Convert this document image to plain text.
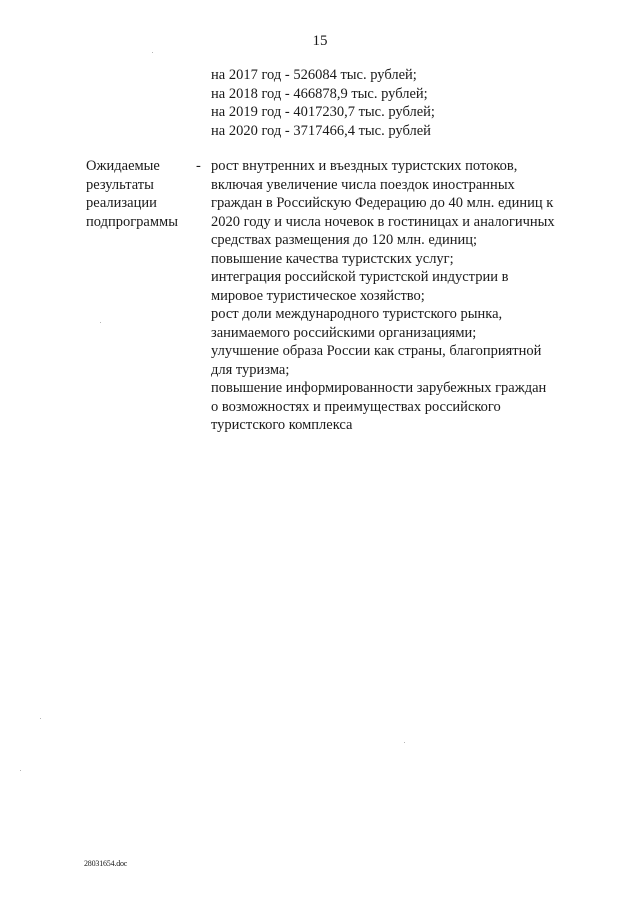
15
на 2017 год - 526084 тыс. рублей;
на 2018 год - 466878,9 тыс. рублей;
на 2019 год - 4017230,7 тыс. рублей;
на 2020 год - 3717466,4 тыс. рублей
Ожидаемые
результаты
реализации
подпрограммы
- рост внутренних и въездных туристских потоков,
включая увеличение числа поездок иностранных
граждан в Российскую Федерацию до 40 млн. единиц к
2020 году и числа ночевок в гостиницах и аналогичных
средствах размещения до 120 млн. единиц;
повышение качества туристских услуг;
интеграция российской туристской индустрии в
мировое туристическое хозяйство;
рост доли международного туристского рынка,
занимаемого российскими организациями;
улучшение образа России как страны, благоприятной
для туризма;
повышение информированности зарубежных граждан
о возможностях и преимуществах российского
туристского комплекса
28031654.doc
